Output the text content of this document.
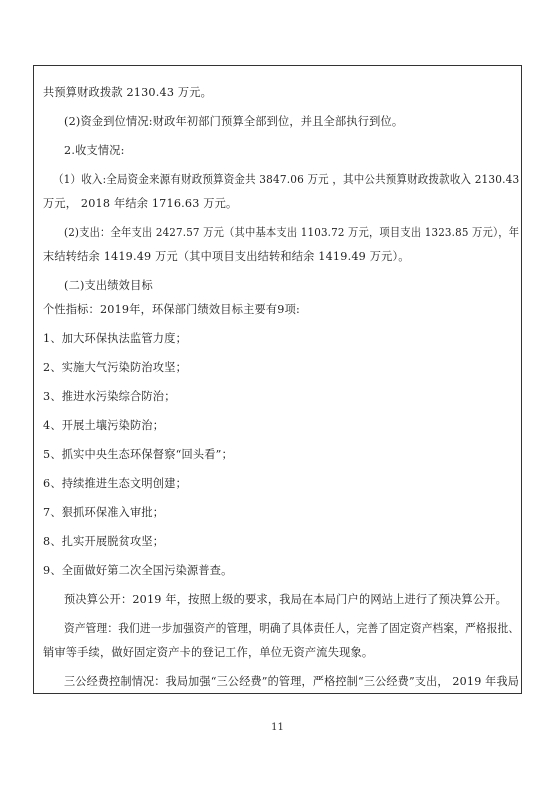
共预算财政拨款 2130.43 万元。
(2)资金到位情况:财政年初部门预算全部到位，并且全部执行到位。
2.收支情况:
（1）收入:全局资金来源有财政预算资金共 3847.06 万元 ，其中公共预算财政拨款收入 2130.43
万元， 2018 年结余 1716.63 万元。
(2)支出：全年支出 2427.57 万元（其中基本支出 1103.72 万元，项目支出 1323.85 万元），年
末结转结余 1419.49 万元（其中项目支出结转和结余 1419.49 万元）。
(二)支出绩效目标
个性指标：2019年，环保部门绩效目标主要有9项:
1、加大环保执法监管力度；
2、实施大气污染防治攻坚；
3、推进水污染综合防治；
4、开展土壤污染防治；
5、抓实中央生态环保督察“回头看”；
6、持续推进生态文明创建；
7、狠抓环保准入审批；
8、扎实开展脱贫攻坚；
9、全面做好第二次全国污染源普查。
预决算公开：2019 年，按照上级的要求，我局在本局门户的网站上进行了预决算公开。
资产管理：我们进一步加强资产的管理，明确了具体责任人，完善了固定资产档案，严格报批、
销审等手续，做好固定资产卡的登记工作，单位无资产流失现象。
三公经费控制情况：我局加强“三公经费”的管理，严格控制“三公经费”支出， 2019 年我局
11
